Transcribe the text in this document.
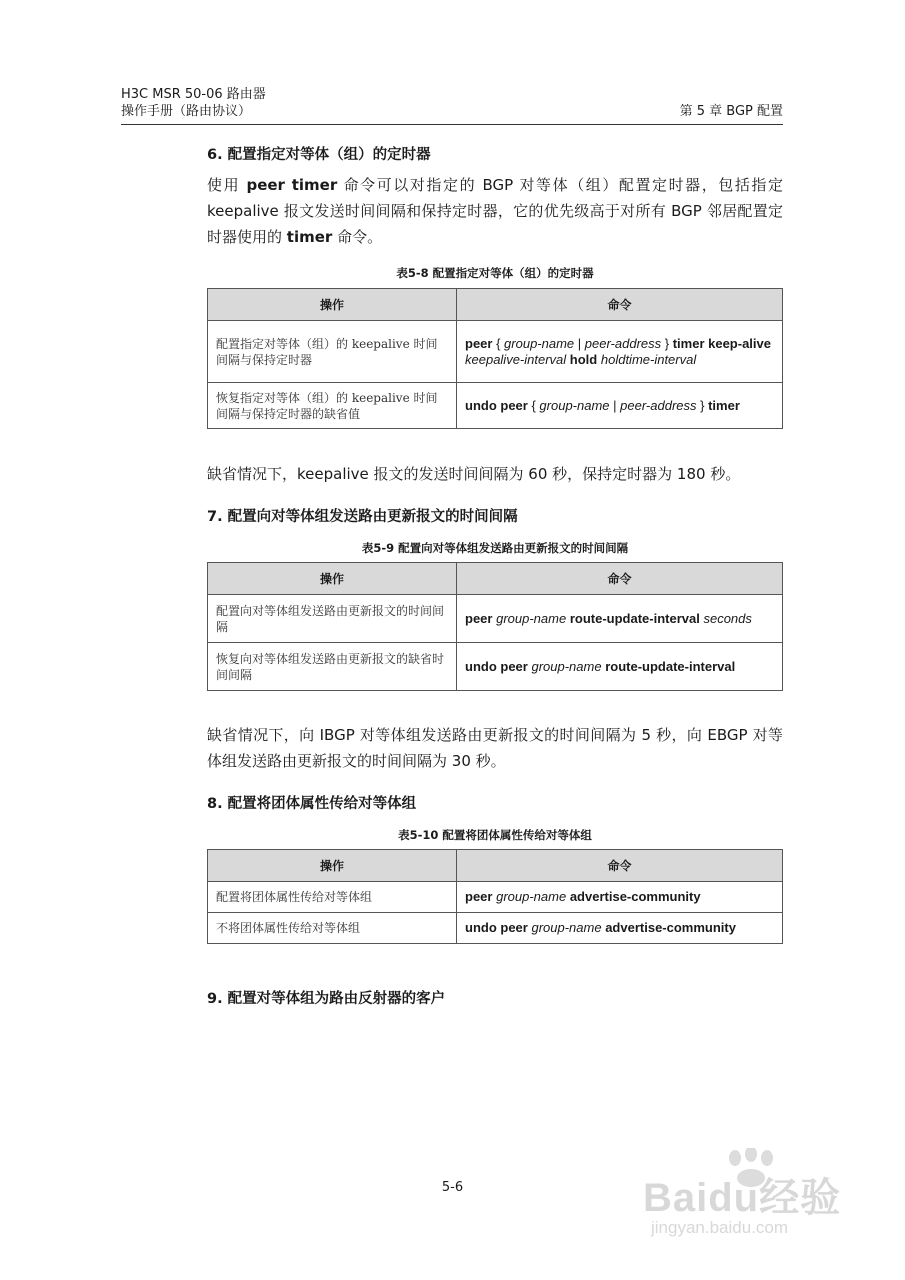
H3C MSR 50-06 路由器
操作手册（路由协议）	第 5 章 BGP 配置
6. 配置指定对等体（组）的定时器
使用 peer timer 命令可以对指定的 BGP 对等体（组）配置定时器，包括指定keepalive 报文发送时间间隔和保持定时器，它的优先级高于对所有 BGP 邻居配置定时器使用的 timer 命令。
表5-8 配置指定对等体（组）的定时器
操作	命令
配置指定对等体（组）的 keepalive 时间间隔与保持定时器	peer { group-name | peer-address } timer keep-alive keepalive-interval hold holdtime-interval
恢复指定对等体（组）的 keepalive 时间间隔与保持定时器的缺省值	undo peer { group-name | peer-address } timer
缺省情况下，keepalive 报文的发送时间间隔为 60 秒，保持定时器为 180 秒。
7. 配置向对等体组发送路由更新报文的时间间隔
表5-9 配置向对等体组发送路由更新报文的时间间隔
操作	命令
配置向对等体组发送路由更新报文的时间间隔	peer group-name route-update-interval seconds
恢复向对等体组发送路由更新报文的缺省时间间隔	undo peer group-name route-update-interval
缺省情况下，向 IBGP 对等体组发送路由更新报文的时间间隔为 5 秒，向 EBGP 对等体组发送路由更新报文的时间间隔为 30 秒。
8. 配置将团体属性传给对等体组
表5-10 配置将团体属性传给对等体组
操作	命令
配置将团体属性传给对等体组	peer group-name advertise-community
不将团体属性传给对等体组	undo peer group-name advertise-community
9. 配置对等体组为路由反射器的客户
5-6	Baidu经验
jingyan.baidu.com
